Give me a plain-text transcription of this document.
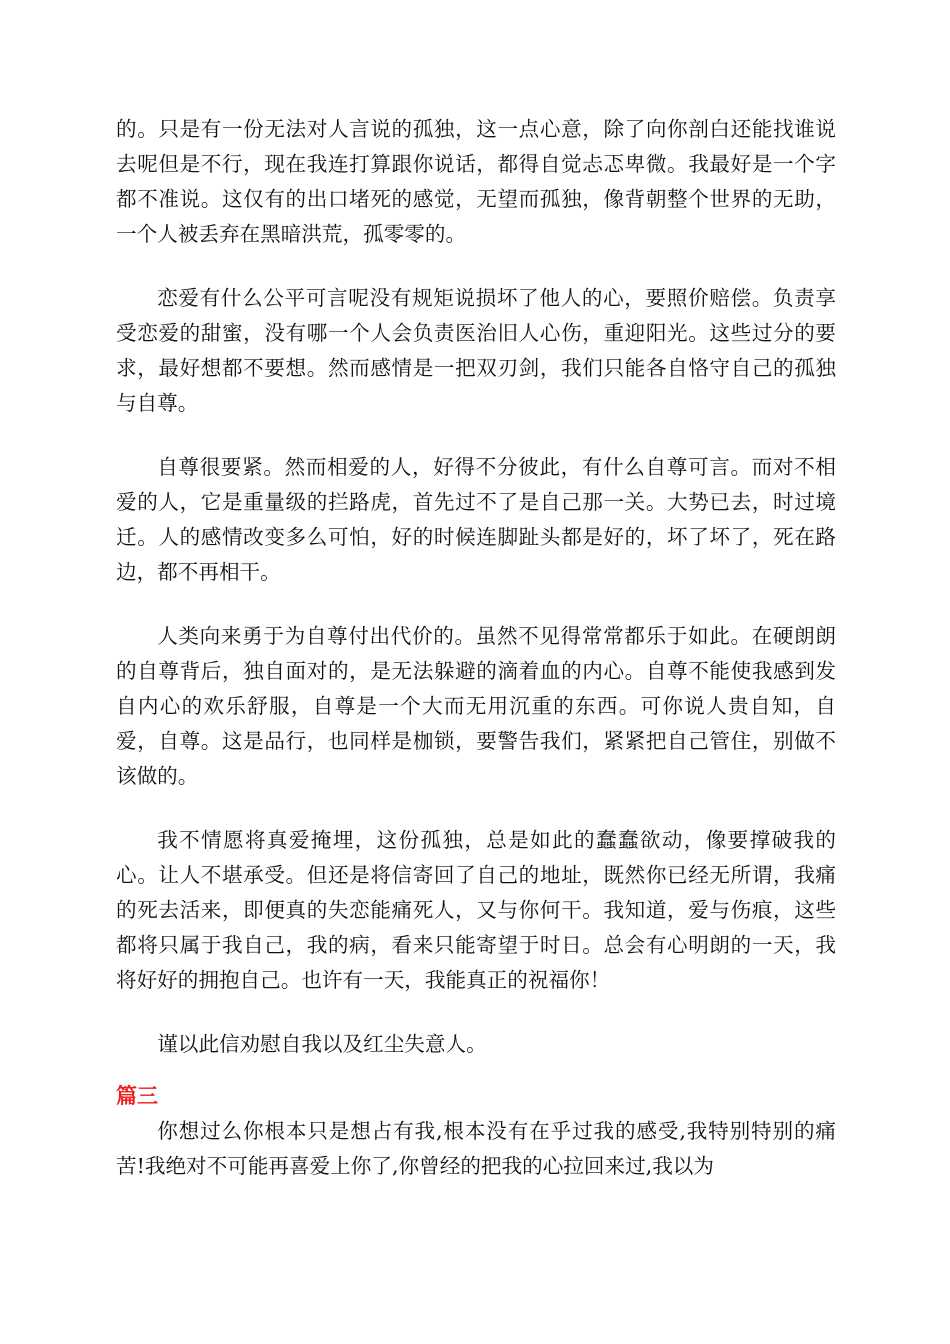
的。只是有一份无法对人言说的孤独，这一点心意，除了向你剖白还能找谁说去呢但是不行，现在我连打算跟你说话，都得自觉忐忑卑微。我最好是一个字都不准说。这仅有的出口堵死的感觉，无望而孤独，像背朝整个世界的无助，一个人被丢弃在黑暗洪荒，孤零零的。

恋爱有什么公平可言呢没有规矩说损坏了他人的心，要照价赔偿。负责享受恋爱的甜蜜，没有哪一个人会负责医治旧人心伤，重迎阳光。这些过分的要求，最好想都不要想。然而感情是一把双刃剑，我们只能各自恪守自己的孤独与自尊。

自尊很要紧。然而相爱的人，好得不分彼此，有什么自尊可言。而对不相爱的人，它是重量级的拦路虎，首先过不了是自己那一关。大势已去，时过境迁。人的感情改变多么可怕，好的时候连脚趾头都是好的，坏了坏了，死在路边，都不再相干。

人类向来勇于为自尊付出代价的。虽然不见得常常都乐于如此。在硬朗朗的自尊背后，独自面对的，是无法躲避的滴着血的内心。自尊不能使我感到发自内心的欢乐舒服，自尊是一个大而无用沉重的东西。可你说人贵自知，自爱，自尊。这是品行，也同样是枷锁，要警告我们，紧紧把自己管住，别做不该做的。

我不情愿将真爱掩埋，这份孤独，总是如此的蠢蠢欲动，像要撑破我的心。让人不堪承受。但还是将信寄回了自己的地址，既然你已经无所谓，我痛的死去活来，即便真的失恋能痛死人，又与你何干。我知道，爱与伤痕，这些都将只属于我自己，我的病，看来只能寄望于时日。总会有心明朗的一天，我将好好的拥抱自己。也许有一天，我能真正的祝福你！

谨以此信劝慰自我以及红尘失意人。

篇三

你想过么你根本只是想占有我,根本没有在乎过我的感受,我特别特别的痛苦!我绝对不可能再喜爱上你了,你曾经的把我的心拉回来过,我以为
